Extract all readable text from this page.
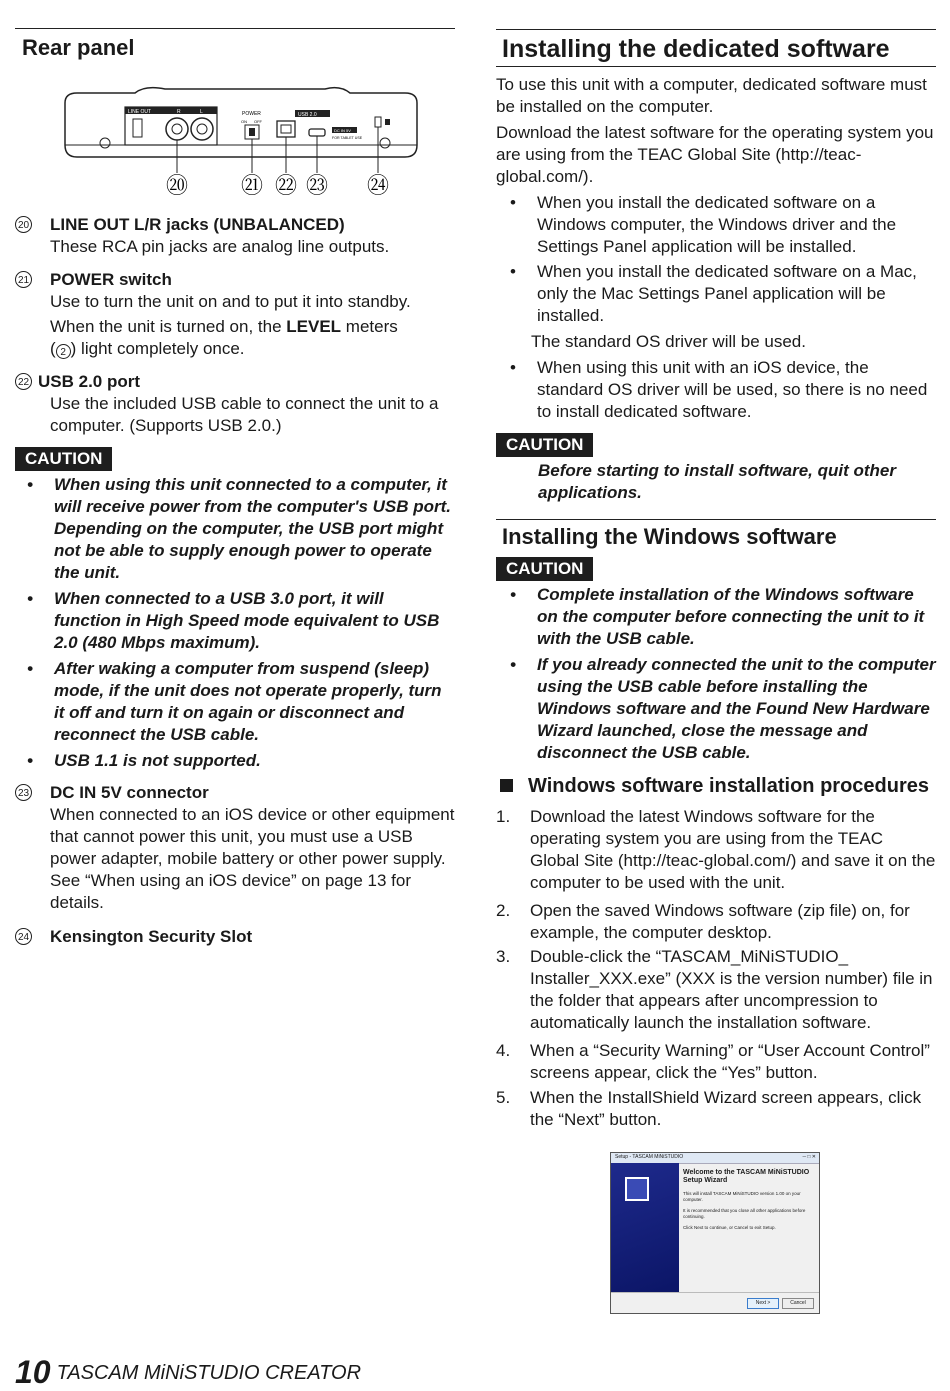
Rear panel
LINE OUT	R	L	POWER
ON OFF
USB 2.0
DC IN 5V
FOR TABLET USE
⑳ ㉑ ㉒ ㉓ ㉔
20 LINE OUT L/R jacks (UNBALANCED)
These RCA pin jacks are analog line outputs.
21 POWER switch
Use to turn the unit on and to put it into standby.
When the unit is turned on, the LEVEL meters
( 2 ) light completely once.
22 USB 2.0 port
Use the included USB cable to connect the unit to a computer. (Supports USB 2.0.)
CAUTION
• When using this unit connected to a computer, it will receive power from the computer's USB port. Depending on the computer, the USB port might not be able to supply enough power to operate the unit.
• When connected to a USB 3.0 port, it will function in High Speed mode equivalent to USB 2.0 (480 Mbps maximum).
• After waking a computer from suspend (sleep) mode, if the unit does not operate properly, turn it off and turn it on again or disconnect and reconnect the USB cable.
• USB 1.1 is not supported.
23 DC IN 5V connector
When connected to an iOS device or other equipment that cannot power this unit, you must use a USB power adapter, mobile battery or other power supply. See “When using an iOS device” on page 13 for details.
24 Kensington Security Slot
Installing the dedicated software
To use this unit with a computer, dedicated software must be installed on the computer.
Download the latest software for the operating system you are using from the TEAC Global Site (http://teac-global.com/).
• When you install the dedicated software on a Windows computer, the Windows driver and the Settings Panel application will be installed.
• When you install the dedicated software on a Mac, only the Mac Settings Panel application will be installed.
The standard OS driver will be used.
• When using this unit with an iOS device, the standard OS driver will be used, so there is no need to install dedicated software.
CAUTION
Before starting to install software, quit other applications.
Installing the Windows software
CAUTION
• Complete installation of the Windows software on the computer before connecting the unit to it with the USB cable.
• If you already connected the unit to the computer using the USB cable before installing the Windows software and the Found New Hardware Wizard launched, close the message and disconnect the USB cable.
Windows software installation procedures
1. Download the latest Windows software for the operating system you are using from the TEAC Global Site (http://teac-global.com/) and save it on the computer to be used with the unit.
2. Open the saved Windows software (zip file) on, for example, the computer desktop.
3. Double-click the “TASCAM_MiNiSTUDIO_ Installer_XXX.exe” (XXX is the version number) file in the folder that appears after uncompression to automatically launch the installation software.
4. When a “Security Warning” or “User Account Control” screens appear, click the “Yes” button.
5. When the InstallShield Wizard screen appears, click the “Next” button.
Setup - TASCAM MiNiSTUDIO	─ □ ✕
Welcome to the TASCAM MiNiSTUDIO Setup Wizard
This will install TASCAM MiNiSTUDIO version 1.00 on your computer.
It is recommended that you close all other applications before continuing.
Click Next to continue, or Cancel to exit Setup.
Next >	Cancel
10 TASCAM MiNiSTUDIO CREATOR
